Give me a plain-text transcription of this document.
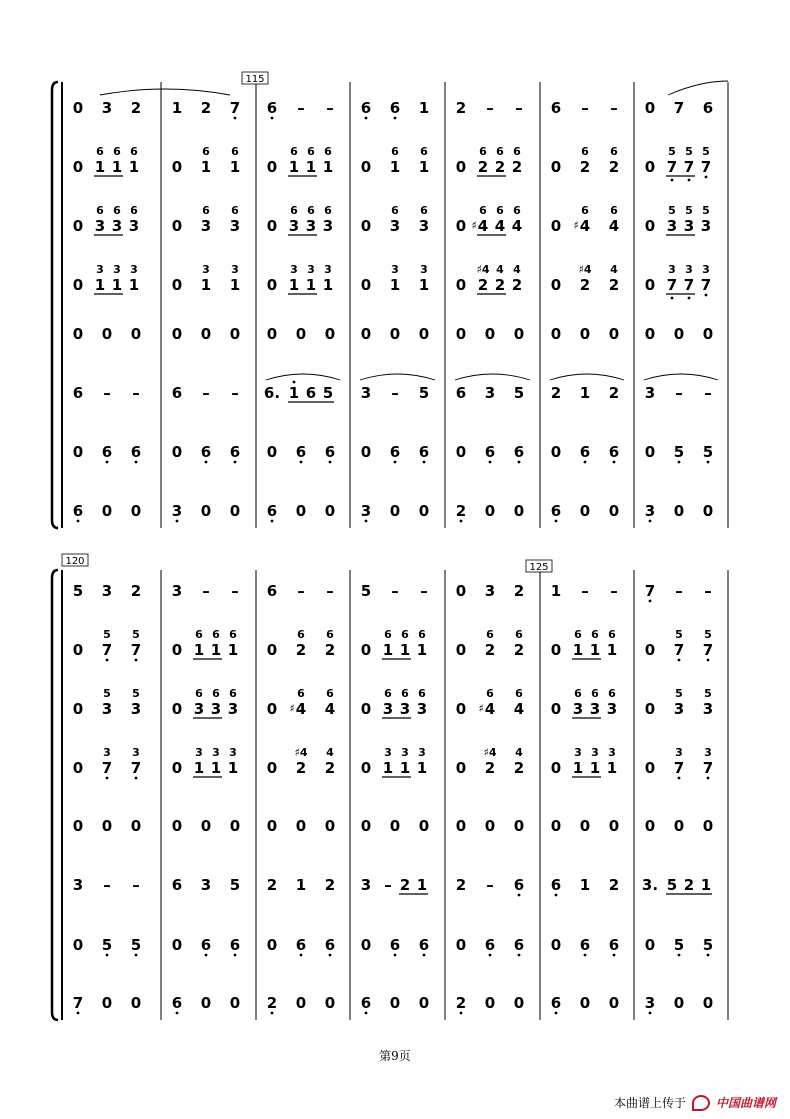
115
0 3 2 1 2 7 6 – – 6 6 1 2 – – 6 – – 0 7 6
0 1
6
1
6
1
6
0 1
6
1
6
0 1
6
1
6
1
6
0 1
6
1
6
0 2
6
2
6
2
6
0 2
6
2
6
0 7
5
7
5
7
5
0 3
6
3
6
3
6
0 3
6
3
6
0 3
6
3
6
3
6
0 3
6
3
6
0 4
6
♯ 4
6
4
6
0 4
6
♯ 4
6
0 3
5
3
5
3
5
0 1
3
1
3
1
3
0 1
3
1
3
0 1
3
1
3
1
3
0 1
3
1
3
0 2
♯4
2
4
2
4
0 2
♯4
2
4
0 7
3
7
3
7
3
0 0 0 0 0 0 0 0 0 0 0 0 0 0 0 0 0 0 0 0 0
6 – – 6 – – 6. 1 6 5 3 – 5 6 3 5 2 1 2 3 – –
0 6 6 0 6 6 0 6 6 0 6 6 0 6 6 0 6 6 0 5 5
6 0 0 3 0 0 6 0 0 3 0 0 2 0 0 6 0 0 3 0 0
125
120
5 3 2 3 – – 6 – – 5 – – 0 3 2 1 – – 7 – –
0 7
5
7
5
0 1
6
1
6
1
6
0 2
6
2
6
0 1
6
1
6
1
6
0 2
6
2
6
0 1
6
1
6
1
6
0 7
5
7
5
0 3
5
3
5
0 3
6
3
6
3
6
0 4
6
♯ 4
6
0 3
6
3
6
3
6
0 4
6
♯ 4
6
0 3
6
3
6
3
6
0 3
5
3
5
0 7
3
7
3
0 1
3
1
3
1
3
0 2
♯4
2
4
0 1
3
1
3
1
3
0 2
♯4
2
4
0 1
3
1
3
1
3
0 7
3
7
3
0 0 0 0 0 0 0 0 0 0 0 0 0 0 0 0 0 0 0 0 0
3 – – 6 3 5 2 1 2 3 – 2 1 2 – 6 6 1 2 3. 5 2 1
0 5 5 0 6 6 0 6 6 0 6 6 0 6 6 0 6 6 0 5 5
7 0 0 6 0 0 2 0 0 6 0 0 2 0 0 6 0 0 3 0 0
第9页
本曲谱上传于	中国曲谱网
